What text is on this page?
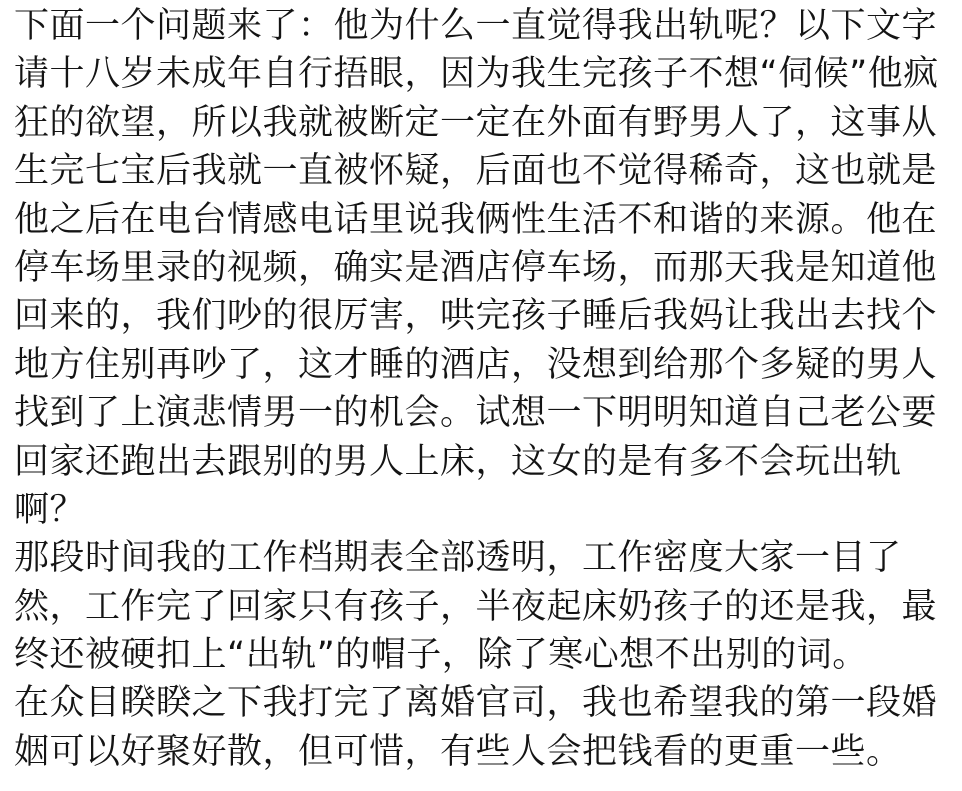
下面一个问题来了：他为什么一直觉得我出轨呢？以下文字
请十八岁未成年自行捂眼，因为我生完孩子不想“伺候”他疯
狂的欲望，所以我就被断定一定在外面有野男人了，这事从
生完七宝后我就一直被怀疑，后面也不觉得稀奇，这也就是
他之后在电台情感电话里说我俩性生活不和谐的来源。他在
停车场里录的视频，确实是酒店停车场，而那天我是知道他
回来的，我们吵的很厉害，哄完孩子睡后我妈让我出去找个
地方住别再吵了，这才睡的酒店，没想到给那个多疑的男人
找到了上演悲情男一的机会。试想一下明明知道自己老公要
回家还跑出去跟别的男人上床，这女的是有多不会玩出轨
啊？
那段时间我的工作档期表全部透明，工作密度大家一目了
然，工作完了回家只有孩子，半夜起床奶孩子的还是我，最
终还被硬扣上“出轨”的帽子，除了寒心想不出别的词。
在众目睽睽之下我打完了离婚官司，我也希望我的第一段婚
姻可以好聚好散，但可惜，有些人会把钱看的更重一些。
